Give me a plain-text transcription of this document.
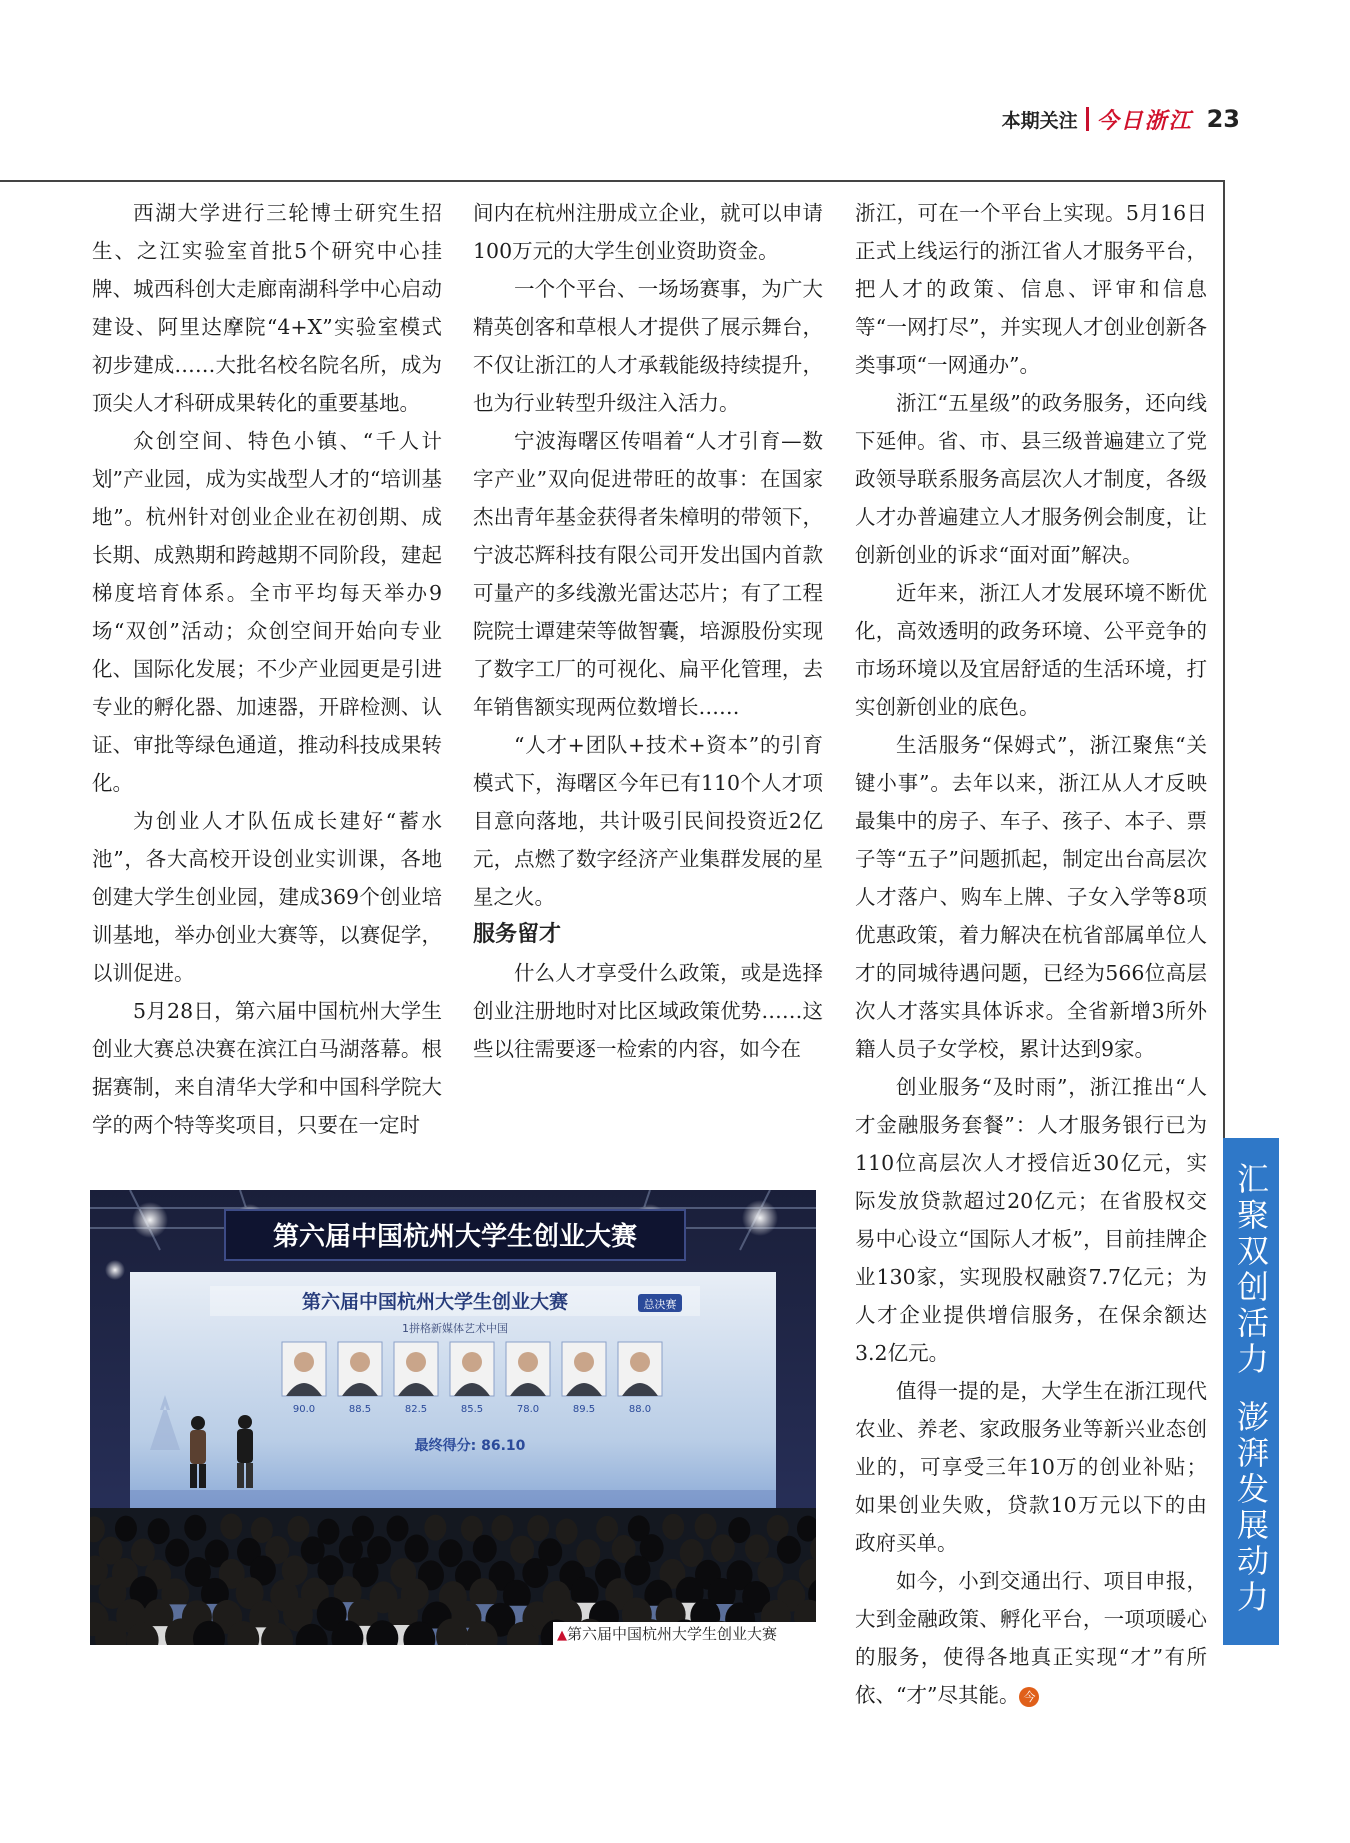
本期关注 今日浙江 23

西湖大学进行三轮博士研究生招生、之江实验室首批5个研究中心挂牌、城西科创大走廊南湖科学中心启动建设、阿里达摩院“4+X”实验室模式初步建成……大批名校名院名所，成为顶尖人才科研成果转化的重要基地。

众创空间、特色小镇、“千人计划”产业园，成为实战型人才的“培训基地”。杭州针对创业企业在初创期、成长期、成熟期和跨越期不同阶段，建起梯度培育体系。全市平均每天举办9场“双创”活动；众创空间开始向专业化、国际化发展；不少产业园更是引进专业的孵化器、加速器，开辟检测、认证、审批等绿色通道，推动科技成果转化。

为创业人才队伍成长建好“蓄水池”，各大高校开设创业实训课，各地创建大学生创业园，建成369个创业培训基地，举办创业大赛等，以赛促学，以训促进。

5月28日，第六届中国杭州大学生创业大赛总决赛在滨江白马湖落幕。根据赛制，来自清华大学和中国科学院大学的两个特等奖项目，只要在一定时

间内在杭州注册成立企业，就可以申请100万元的大学生创业资助资金。

一个个平台、一场场赛事，为广大精英创客和草根人才提供了展示舞台，不仅让浙江的人才承载能级持续提升，也为行业转型升级注入活力。

宁波海曙区传唱着“人才引育—数字产业”双向促进带旺的故事：在国家杰出青年基金获得者朱樟明的带领下，宁波芯辉科技有限公司开发出国内首款可量产的多线激光雷达芯片；有了工程院院士谭建荣等做智囊，培源股份实现了数字工厂的可视化、扁平化管理，去年销售额实现两位数增长……

“人才+团队+技术+资本”的引育模式下，海曙区今年已有110个人才项目意向落地，共计吸引民间投资近2亿元，点燃了数字经济产业集群发展的星星之火。

服务留才

什么人才享受什么政策，或是选择创业注册地时对比区域政策优势……这些以往需要逐一检索的内容，如今在

浙江，可在一个平台上实现。5月16日正式上线运行的浙江省人才服务平台，把人才的政策、信息、评审和信息等“一网打尽”，并实现人才创业创新各类事项“一网通办”。

浙江“五星级”的政务服务，还向线下延伸。省、市、县三级普遍建立了党政领导联系服务高层次人才制度，各级人才办普遍建立人才服务例会制度，让创新创业的诉求“面对面”解决。

近年来，浙江人才发展环境不断优化，高效透明的政务环境、公平竞争的市场环境以及宜居舒适的生活环境，打实创新创业的底色。

生活服务“保姆式”，浙江聚焦“关键小事”。去年以来，浙江从人才反映最集中的房子、车子、孩子、本子、票子等“五子”问题抓起，制定出台高层次人才落户、购车上牌、子女入学等8项优惠政策，着力解决在杭省部属单位人才的同城待遇问题，已经为566位高层次人才落实具体诉求。全省新增3所外籍人员子女学校，累计达到9家。

创业服务“及时雨”，浙江推出“人才金融服务套餐”：人才服务银行已为110位高层次人才授信近30亿元，实际发放贷款超过20亿元；在省股权交易中心设立“国际人才板”，目前挂牌企业130家，实现股权融资7.7亿元；为人才企业提供增信服务，在保余额达3.2亿元。

值得一提的是，大学生在浙江现代农业、养老、家政服务业等新兴业态创业的，可享受三年10万的创业补贴；如果创业失败，贷款10万元以下的由政府买单。

如今，小到交通出行、项目申报，大到金融政策、孵化平台，一项项暖心的服务，使得各地真正实现“才”有所依、“才”尽其能。 今

第六届中国杭州大学生创业大赛
第六届中国杭州大学生创业大赛	总决赛
1拼格新媒体艺术中国
90.0	88.5	82.5	85.5	78.0	89.5	88.0
最终得分: 86.10
▲第六届中国杭州大学生创业大赛
汇聚双创活力
澎湃发展动力
